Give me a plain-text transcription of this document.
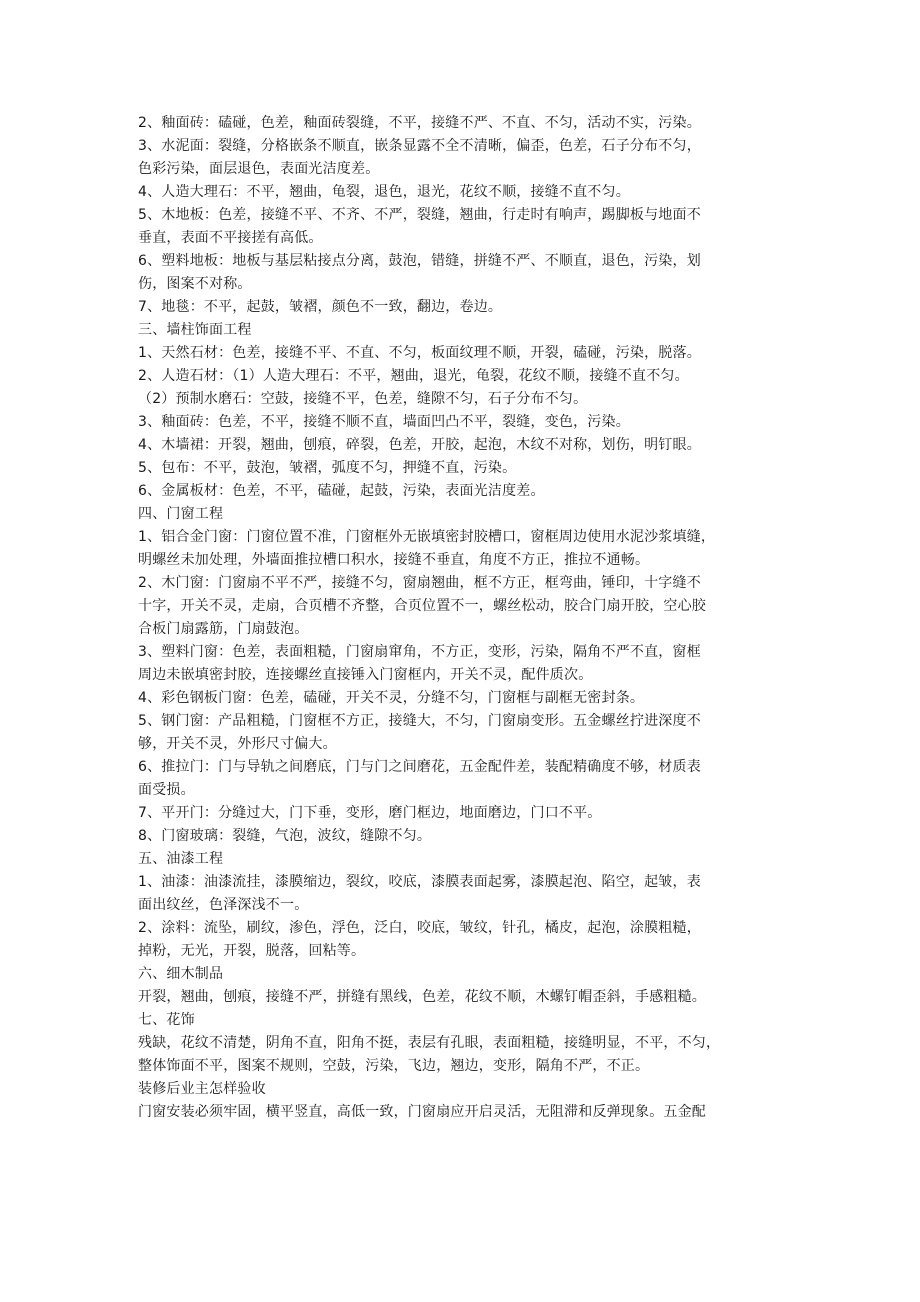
2、釉面砖：磕碰，色差，釉面砖裂缝，不平，接缝不严、不直、不匀，活动不实，污染。
3、水泥面：裂缝，分格嵌条不顺直，嵌条显露不全不清晰，偏歪，色差，石子分布不匀，
色彩污染，面层退色，表面光洁度差。
4、人造大理石：不平，翘曲，龟裂，退色，退光，花纹不顺，接缝不直不匀。
5、木地板：色差，接缝不平、不齐、不严，裂缝，翘曲，行走时有响声，踢脚板与地面不
垂直，表面不平接搓有高低。
6、塑料地板：地板与基层粘接点分离，鼓泡，错缝，拼缝不严、不顺直，退色，污染，划
伤，图案不对称。
7、地毯：不平，起鼓，皱褶，颜色不一致，翻边，卷边。
三、墙柱饰面工程
1、天然石材：色差，接缝不平、不直、不匀，板面纹理不顺，开裂，磕碰，污染，脱落。
2、人造石材：（1）人造大理石：不平，翘曲，退光，龟裂，花纹不顺，接缝不直不匀。
（2）预制水磨石：空鼓，接缝不平，色差，缝隙不匀，石子分布不匀。
3、釉面砖：色差，不平，接缝不顺不直，墙面凹凸不平，裂缝，变色，污染。
4、木墙裙：开裂，翘曲，刨痕，碎裂，色差，开胶，起泡，木纹不对称，划伤，明钉眼。
5、包布：不平，鼓泡，皱褶，弧度不匀，押缝不直，污染。
6、金属板材：色差，不平，磕碰，起鼓，污染，表面光洁度差。
四、门窗工程
1、铝合金门窗：门窗位置不准，门窗框外无嵌填密封胶槽口，窗框周边使用水泥沙浆填缝，
明螺丝未加处理，外墙面推拉槽口积水，接缝不垂直，角度不方正，推拉不通畅。
2、木门窗：门窗扇不平不严，接缝不匀，窗扇翘曲，框不方正，框弯曲，锤印，十字缝不
十字，开关不灵，走扇，合页槽不齐整，合页位置不一，螺丝松动，胶合门扇开胶，空心胶
合板门扇露筋，门扇鼓泡。
3、塑料门窗：色差，表面粗糙，门窗扇窜角，不方正，变形，污染，隔角不严不直，窗框
周边未嵌填密封胶，连接螺丝直接锤入门窗框内，开关不灵，配件质次。
4、彩色钢板门窗：色差，磕碰，开关不灵，分缝不匀，门窗框与副框无密封条。
5、钢门窗：产品粗糙，门窗框不方正，接缝大，不匀，门窗扇变形。五金螺丝拧进深度不
够，开关不灵，外形尺寸偏大。
6、推拉门：门与导轨之间磨底，门与门之间磨花，五金配件差，装配精确度不够，材质表
面受损。
7、平开门：分缝过大，门下垂，变形，磨门框边，地面磨边，门口不平。
8、门窗玻璃：裂缝，气泡，波纹，缝隙不匀。
五、油漆工程
1、油漆：油漆流挂，漆膜缩边，裂纹，咬底，漆膜表面起雾，漆膜起泡、陷空，起皱，表
面出纹丝，色泽深浅不一。
2、涂料：流坠，刷纹，渗色，浮色，泛白，咬底，皱纹，针孔，橘皮，起泡，涂膜粗糙，
掉粉，无光，开裂，脱落，回粘等。
六、细木制品
开裂，翘曲，刨痕，接缝不严，拼缝有黑线，色差，花纹不顺，木螺钉帽歪斜，手感粗糙。
七、花饰
残缺，花纹不清楚，阴角不直，阳角不挺，表层有孔眼，表面粗糙，接缝明显，不平，不匀，
整体饰面不平，图案不规则，空鼓，污染，飞边，翘边，变形，隔角不严，不正。
装修后业主怎样验收
门窗安装必须牢固，横平竖直，高低一致，门窗扇应开启灵活，无阻滞和反弹现象。五金配
